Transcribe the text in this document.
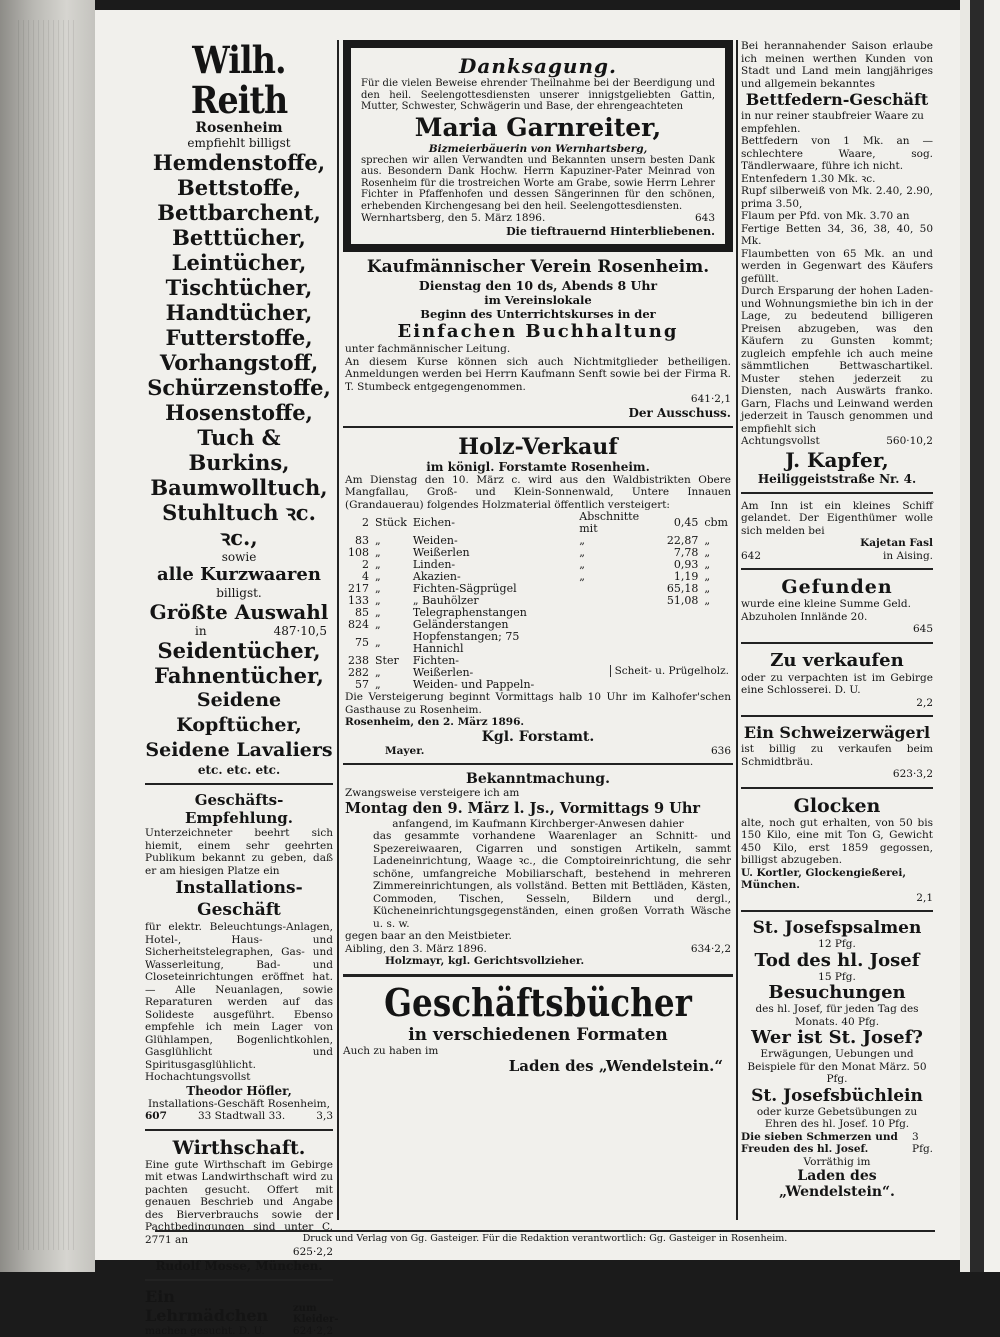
Wilh. Reith
Rosenheim
empfiehlt billigst
Hemdenstoffe,
Bettstoffe,
Bettbarchent,
Betttücher,
Leintücher,
Tischtücher,
Handtücher,
Futterstoffe,
Vorhangstoff,
Schürzenstoffe,
Hosenstoffe,
Tuch & Burkins,
Baumwolltuch,
Stuhltuch ꝛc. ꝛc.,
sowie
alle Kurzwaaren
billigst.
Größte Auswahl
in	487·10,5
Seidentücher,
Fahnentücher,
Seidene Kopftücher,
Seidene Lavaliers
etc. etc. etc.
Geschäfts-Empfehlung.
Unterzeichneter beehrt sich hiemit, einem sehr geehrten Publikum bekannt zu geben, daß er am hiesigen Platze ein
Installations-Geschäft
für elektr. Beleuchtungs-Anlagen, Hotel-, Haus- und Sicherheitstelegraphen, Gas- und Wasserleitung, Bad- und Closeteinrichtungen eröffnet hat. — Alle Neuanlagen, sowie Reparaturen werden auf das Solideste ausgeführt. Ebenso empfehle ich mein Lager von Glühlampen, Bogenlichtkohlen, Gasglühlicht und Spiritusgasglühlicht. Hochachtungsvollst
Theodor Höfler,
Installations-Geschäft Rosenheim,
607	33 Stadtwall 33.	3,3
Wirthschaft.
Eine gute Wirthschaft im Gebirge mit etwas Landwirthschaft wird zu pachten gesucht. Offert mit genauen Beschrieb und Angabe des Bierverbrauchs sowie der Pachtbedingungen sind unter C. 2771 an
625·2,2
Rudolf Mosse, München.
Ein Lehrmädchen	zum Kleider-
machen gesucht. D. U.	624·2,2
Danksagung.
Für die vielen Beweise ehrender Theilnahme bei der Beerdigung und den heil. Seelengottesdiensten unserer innigstgeliebten Gattin, Mutter, Schwester, Schwägerin und Base, der ehrengeachteten
Maria Garnreiter,
Bizmeierbäuerin von Wernhartsberg,
sprechen wir allen Verwandten und Bekannten unsern besten Dank aus. Besondern Dank Hochw. Herrn Kapuziner-Pater Meinrad von Rosenheim für die trostreichen Worte am Grabe, sowie Herrn Lehrer Fichter in Pfaffenhofen und dessen Sängerinnen für den schönen, erhebenden Kirchengesang bei den heil. Seelengottesdiensten.
Wernhartsberg, den 5. März 1896.	643
Die tieftrauernd Hinterbliebenen.
Kaufmännischer Verein Rosenheim.
Dienstag den 10 ds, Abends 8 Uhr
im Vereinslokale
Beginn des Unterrichtskurses in der
Einfachen Buchhaltung
unter fachmännischer Leitung.
An diesem Kurse können sich auch Nichtmitglieder betheiligen. Anmeldungen werden bei Herrn Kaufmann Senft sowie bei der Firma R. T. Stumbeck entgegengenommen.
641·2,1
Der Ausschuss.
Holz-Verkauf
im königl. Forstamte Rosenheim.
Am Dienstag den 10. März c. wird aus den Waldbistrikten Obere Mangfallau, Groß- und Klein-Sonnenwald, Untere Innauen (Grandauerau) folgendes Holzmaterial öffentlich versteigert:
2	Stück	Eichen-	Abschnitte mit	0,45	cbm
83	„	Weiden-	„	22,87	„
108	„	Weißerlen	„	7,78	„
2	„	Linden-	„	0,93	„
4	„	Akazien-	„	1,19	„
217	„	Fichten-Sägprügel		65,18	„
133	„	„ Bauhölzer		51,08	„
85	„	Telegraphenstangen			
824	„	Geländerstangen			
75	„	Hopfenstangen; 75 Hannichl			
238	Ster	Fichten-			
282	„	Weißerlen-			
57	„	Weiden- und Pappeln-			
Scheit- u. Prügelholz.
Die Versteigerung beginnt Vormittags halb 10 Uhr im Kalhofer'schen Gasthause zu Rosenheim.
Rosenheim, den 2. März 1896.
Kgl. Forstamt.
Mayer.	636
Bekanntmachung.
Zwangsweise versteigere ich am
Montag den 9. März l. Js., Vormittags 9 Uhr
anfangend, im Kaufmann Kirchberger-Anwesen dahier
das gesammte vorhandene Waarenlager an Schnitt- und Spezereiwaaren, Cigarren und sonstigen Artikeln, sammt Ladeneinrichtung, Waage ꝛc., die Comptoireinrichtung, die sehr schöne, umfangreiche Mobiliarschaft, bestehend in mehreren Zimmereinrichtungen, als vollständ. Betten mit Bettläden, Kästen, Commoden, Tischen, Sesseln, Bildern und dergl., Kücheneinrichtungsgegenständen, einen großen Vorrath Wäsche u. s. w.
gegen baar an den Meistbieter.
Aibling, den 3. März 1896.	634·2,2
Holzmayr, kgl. Gerichtsvollzieher.
Geschäftsbücher
in verschiedenen Formaten
Auch zu haben im
Laden des „Wendelstein.“
Bei herannahender Saison erlaube ich meinen werthen Kunden von Stadt und Land mein langjähriges und allgemein bekanntes
Bettfedern-Geschäft
in nur reiner staubfreier Waare zu empfehlen.
Bettfedern von 1 Mk. an — schlechtere Waare, sog. Tändlerwaare, führe ich nicht.
Entenfedern 1.30 Mk. ꝛc.
Rupf silberweiß von Mk. 2.40, 2.90, prima 3.50,
Flaum per Pfd. von Mk. 3.70 an
Fertige Betten 34, 36, 38, 40, 50 Mk.
Flaumbetten von 65 Mk. an und werden in Gegenwart des Käufers gefüllt.
Durch Ersparung der hohen Laden- und Wohnungsmiethe bin ich in der Lage, zu bedeutend billigeren Preisen abzugeben, was den Käufern zu Gunsten kommt; zugleich empfehle ich auch meine sämmtlichen Bettwaschartikel. Muster stehen jederzeit zu Diensten, nach Auswärts franko. Garn, Flachs und Leinwand werden jederzeit in Tausch genommen und empfiehlt sich
Achtungsvollst	560·10,2
J. Kapfer,
Heiliggeiststraße Nr. 4.
Am Inn ist ein kleines Schiff gelandet. Der Eigenthümer wolle sich melden bei
Kajetan Fasl
642	in Aising.
Gefunden
wurde eine kleine Summe Geld. Abzuholen Innlände 20.
645
Zu verkaufen
oder zu verpachten ist im Gebirge eine Schlosserei. D. U.
2,2
Ein Schweizerwägerl
ist billig zu verkaufen beim Schmidtbräu.
623·3,2
Glocken
alte, noch gut erhalten, von 50 bis 150 Kilo, eine mit Ton G, Gewicht 450 Kilo, erst 1859 gegossen, billigst abzugeben.
U. Kortler, Glockengießerei, München.
2,1
St. Josefspsalmen
12 Pfg.
Tod des hl. Josef
15 Pfg.
Besuchungen
des hl. Josef, für jeden Tag des Monats. 40 Pfg.
Wer ist St. Josef?
Erwägungen, Uebungen und Beispiele für den Monat März. 50 Pfg.
St. Josefsbüchlein
oder kurze Gebetsübungen zu Ehren des hl. Josef. 10 Pfg.
Die sieben Schmerzen und Freuden des hl. Josef.
3 Pfg.
Vorräthig im
Laden des „Wendelstein“.
Druck und Verlag von Gg. Gasteiger. Für die Redaktion verantwortlich: Gg. Gasteiger in Rosenheim.
